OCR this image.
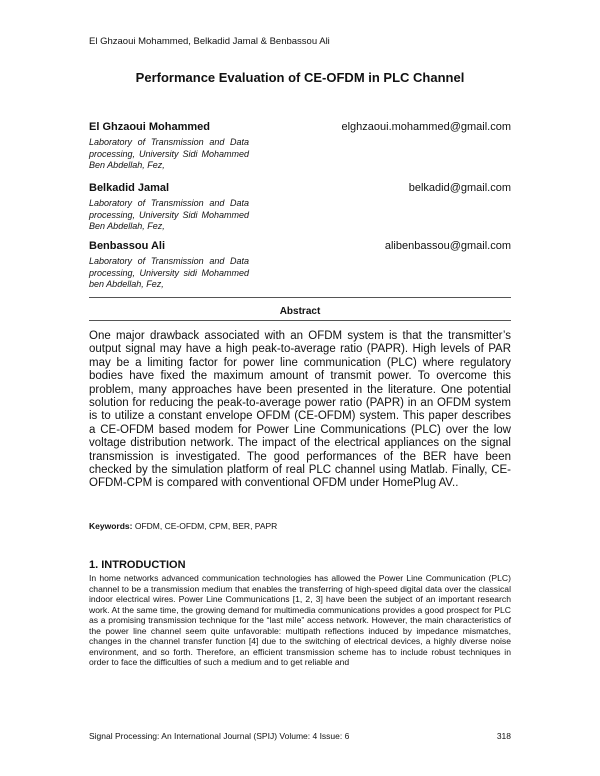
El Ghzaoui Mohammed, Belkadid Jamal & Benbassou Ali
Performance Evaluation of CE-OFDM in PLC Channel
El Ghzaoui Mohammed	elghzaoui.mohammed@gmail.com
Laboratory of Transmission and Data processing, University Sidi Mohammed Ben Abdellah, Fez,
Belkadid Jamal	belkadid@gmail.com
Laboratory of Transmission and Data processing, University Sidi Mohammed Ben Abdellah, Fez,
Benbassou Ali	alibenbassou@gmail.com
Laboratory of Transmission and Data processing, University sidi Mohammed ben Abdellah, Fez,
Abstract
One major drawback associated with an OFDM system is that the transmitter’s output signal may have a high peak-to-average ratio (PAPR). High levels of PAR may be a limiting factor for power line communication (PLC) where regulatory bodies have fixed the maximum amount of transmit power. To overcome this problem, many approaches have been presented in the literature. One potential solution for reducing the peak-to-average power ratio (PAPR) in an OFDM system is to utilize a constant envelope OFDM (CE-OFDM) system. This paper describes a CE-OFDM based modem for Power Line Communications (PLC) over the low voltage distribution network. The impact of the electrical appliances on the signal transmission is investigated. The good performances of the BER have been checked by the simulation platform of real PLC channel using Matlab. Finally, CE-OFDM-CPM is compared with conventional OFDM under HomePlug AV..
Keywords: OFDM, CE-OFDM, CPM, BER, PAPR
1. INTRODUCTION
In home networks advanced communication technologies has allowed the Power Line Communication (PLC) channel to be a transmission medium that enables the transferring of high-speed digital data over the classical indoor electrical wires. Power Line Communications [1, 2, 3] have been the subject of an important research work. At the same time, the growing demand for multimedia communications provides a good prospect for PLC as a promising transmission technique for the “last mile” access network. However, the main characteristics of the power line channel seem quite unfavorable: multipath reflections induced by impedance mismatches, changes in the channel transfer function [4] due to the switching of electrical devices, a highly diverse noise environment, and so forth. Therefore, an efficient transmission scheme has to include robust techniques in order to face the difficulties of such a medium and to get reliable and
Signal Processing: An International Journal (SPIJ) Volume: 4 Issue: 6	318
